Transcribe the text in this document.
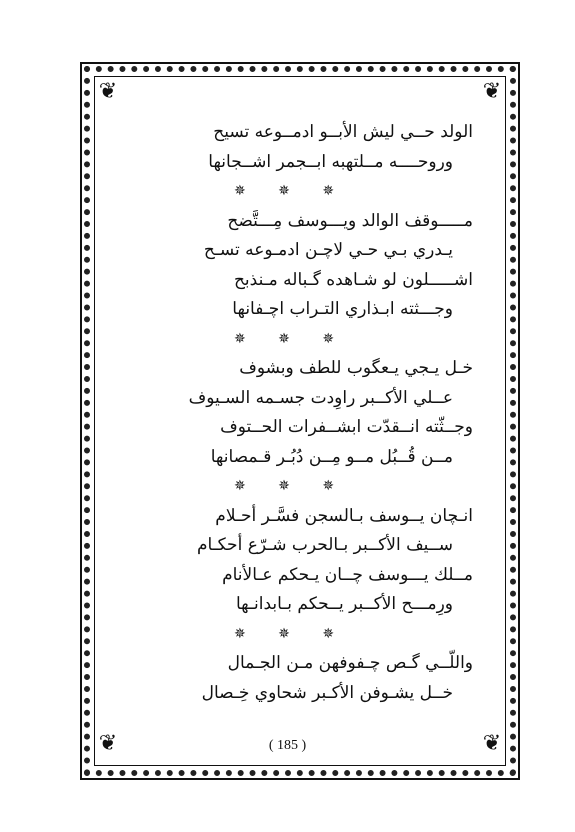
❦	❦
❦	❦
الولد حــي ليش الأبــو ادمــوعه تسيح
وروحــــه مــلتهبه ابــجمر اشــجانها
✵ ✵ ✵
مـــــوقف الوالد ويـــوسف مِـــتَّضح
يـدري بـي حـي لاچـن ادمـوعه تسـح
اشـــــلون لو شـاهده گـباله مـنذبح
وجـــثته ابـذاري التـراب اچـفانها
✵ ✵ ✵
خـل يـجي يـعگوب للطف وبشوف
عــلي الأكــبر راوِدت جسـمه السـيوف
وجــثّته انــقدّت ابشــفرات الحــتوف
مــن قُــبُل مــو مِــن دُبُـر قـمصانها
✵ ✵ ✵
انـچان يــوسف بـالسجن فسَّـر أحـلام
ســيف الأكــبر بـالحرب شـرّع أحكـام
مــلك يـــوسف چــان يـحكم عـالأنام
ورِمـــح الأكــبر يــحكم بـابدانـها
✵ ✵ ✵
واللّــي گـص چـفوفهن مـن الجـمال
خــل يشـوفن الأكـبر شحاوي خِـصال
( 185 )
